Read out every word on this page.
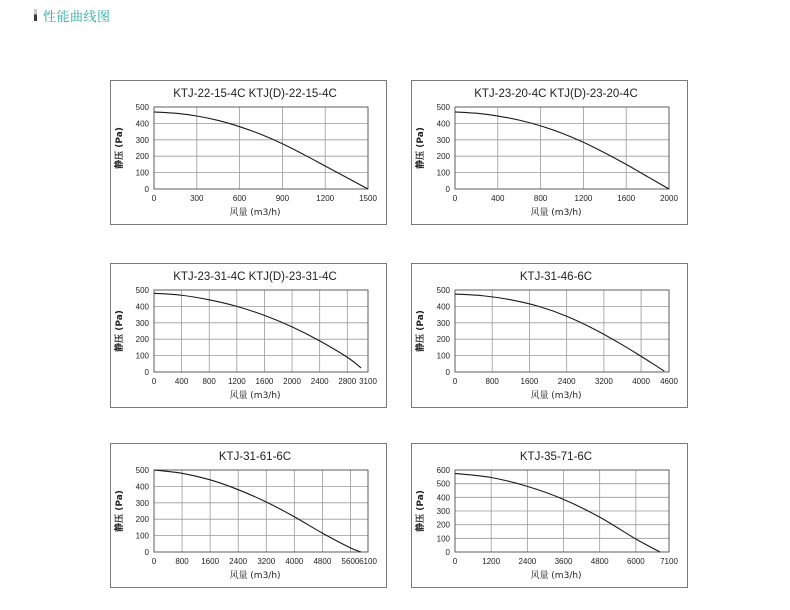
性能曲线图
KTJ-22-15-4C KTJ(D)-22-15-4C
0	300	600	900	1200	1500
0
100
200
300
400
500
风量 (m3/h)
静压 (Pa)
KTJ-23-20-4C KTJ(D)-23-20-4C
0	400	800	1200	1600	2000
0
100
200
300
400
500
风量 (m3/h)
静压 (Pa)
KTJ-23-31-4C KTJ(D)-23-31-4C
0 400 800 1200 1600 2000 2400 2800 3100
0
100
200
300
400
500
风量 (m3/h)
静压 (Pa)
KTJ-31-46-6C
0	800	1600 2400 3200 4000 4600
0
100
200
300
400
500
风量 (m3/h)
静压 (Pa)
KTJ-31-61-6C
0 800 1600 2400 3200 4000 4800 5600 6100
0
100
200
300
400
500
风量 (m3/h)
静压 (Pa)
KTJ-35-71-6C
0	1200 2400 3600 4800 6000 7100
0
100
200
300
400
500
600
风量 (m3/h)
静压 (Pa)
